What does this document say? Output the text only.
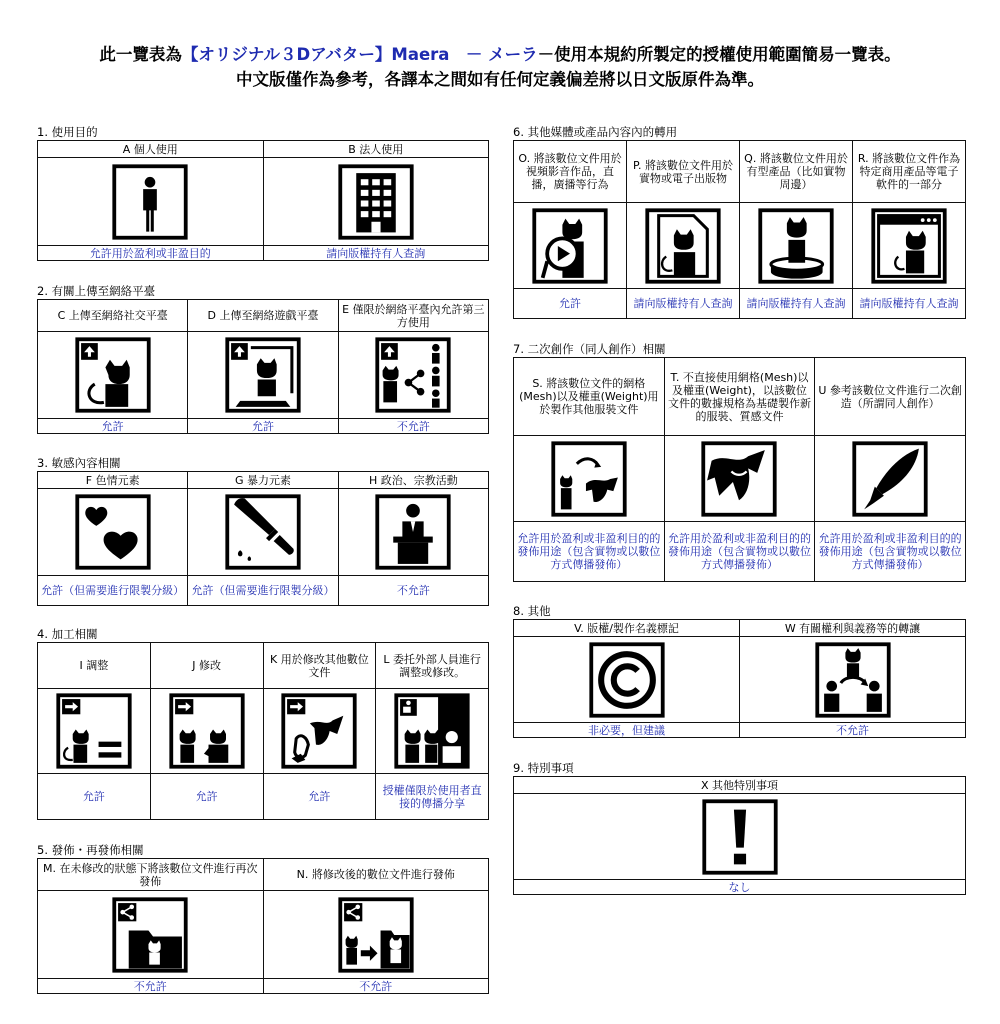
此一覽表為【オリジナル３Dアバター】Maera　－ メーラ－使用本規約所製定的授權使用範圍簡易一覽表。
中文版僅作為參考，各譯本之間如有任何定義偏差將以日文版原件為準。
1. 使用目的
A 個人使用	B 法人使用

允許用於盈利或非盈目的	請向版權持有人查詢
2. 有關上傳至網絡平臺
C 上傳至網絡社交平臺	D 上傳至網絡遊戲平臺	E 僅限於網絡平臺內允許第三方使用

允許	允許	不允許
3. 敏感內容相關
F 色情元素	G 暴力元素	H 政治、宗教活動

允許（但需要進行限製分級）	允許（但需要進行限製分級）	不允許
4. 加工相關
I 調整	J 修改	K 用於修改其他數位文件	L 委托外部人員進行調整或修改。

允許	允許	允許	授權僅限於使用者直接的傳播分享
5. 發佈・再發佈相關
M. 在未修改的狀態下將該數位文件進行再次發佈	N. 將修改後的數位文件進行發佈

不允許	不允許
6. 其他媒體或產品內容內的轉用
O. 將該數位文件用於視頻影音作品，直播，廣播等行為	P. 將該數位文件用於實物或電子出版物	Q. 將該數位文件用於有型產品（比如實物周邊）	R. 將該數位文件作為特定商用產品等電子軟件的一部分

允許	請向版權持有人查詢	請向版權持有人查詢	請向版權持有人查詢
7. 二次創作（同人創作）相關
S. 將該數位文件的網格(Mesh)以及權重(Weight)用於製作其他服裝文件	T. 不直接使用網格(Mesh)以及權重(Weight)，以該數位文件的數據規格為基礎製作新的服裝、質感文件	U 參考該數位文件進行二次創造（所謂同人創作）

允許用於盈利或非盈利目的的發佈用途（包含實物或以數位方式傳播發佈）	允許用於盈利或非盈利目的的發佈用途（包含實物或以數位方式傳播發佈）	允許用於盈利或非盈利目的的發佈用途（包含實物或以數位方式傳播發佈）
8. 其他
V. 版權/製作名義標記	W 有關權利與義務等的轉讓

非必要，但建議	不允許
9. 特別事項
X 其他特別事項

なし
